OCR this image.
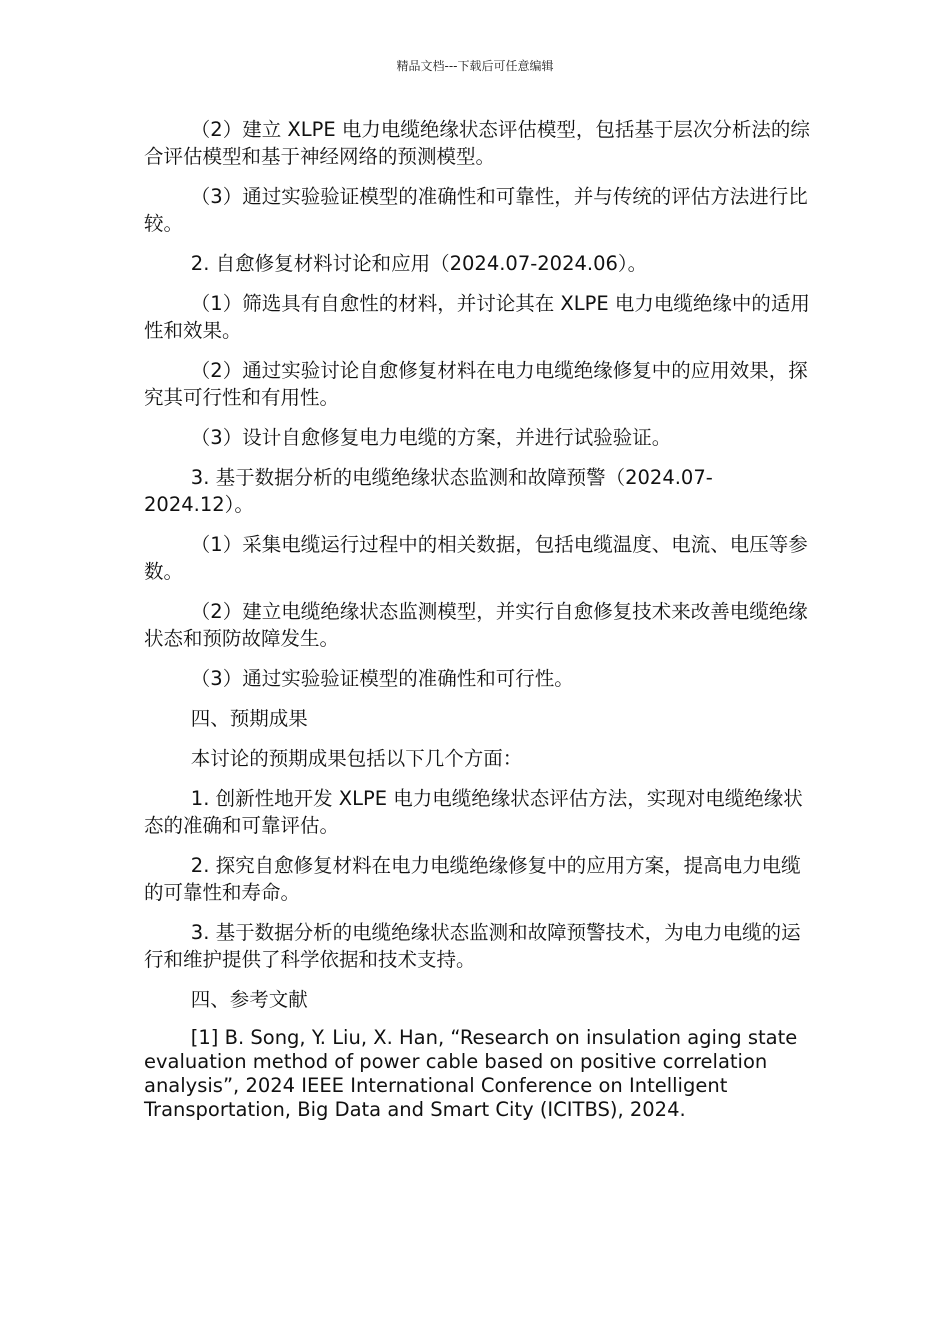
精品文档---下载后可任意编辑

（2）建立 XLPE 电力电缆绝缘状态评估模型，包括基于层次分析法的综合评估模型和基于神经网络的预测模型。

（3）通过实验验证模型的准确性和可靠性，并与传统的评估方法进行比较。

2. 自愈修复材料讨论和应用（2024.07-2024.06）。

（1）筛选具有自愈性的材料，并讨论其在 XLPE 电力电缆绝缘中的适用性和效果。

（2）通过实验讨论自愈修复材料在电力电缆绝缘修复中的应用效果，探究其可行性和有用性。

（3）设计自愈修复电力电缆的方案，并进行试验验证。

3. 基于数据分析的电缆绝缘状态监测和故障预警（2024.07-2024.12）。

（1）采集电缆运行过程中的相关数据，包括电缆温度、电流、电压等参数。

（2）建立电缆绝缘状态监测模型，并实行自愈修复技术来改善电缆绝缘状态和预防故障发生。

（3）通过实验验证模型的准确性和可行性。

四、预期成果

本讨论的预期成果包括以下几个方面：

1. 创新性地开发 XLPE 电力电缆绝缘状态评估方法，实现对电缆绝缘状态的准确和可靠评估。

2. 探究自愈修复材料在电力电缆绝缘修复中的应用方案，提高电力电缆的可靠性和寿命。

3. 基于数据分析的电缆绝缘状态监测和故障预警技术，为电力电缆的运行和维护提供了科学依据和技术支持。

四、参考文献

[1] B. Song, Y. Liu, X. Han, “Research on insulation aging state evaluation method of power cable based on positive correlation analysis”, 2024 IEEE International Conference on Intelligent Transportation, Big Data and Smart City (ICITBS), 2024.
